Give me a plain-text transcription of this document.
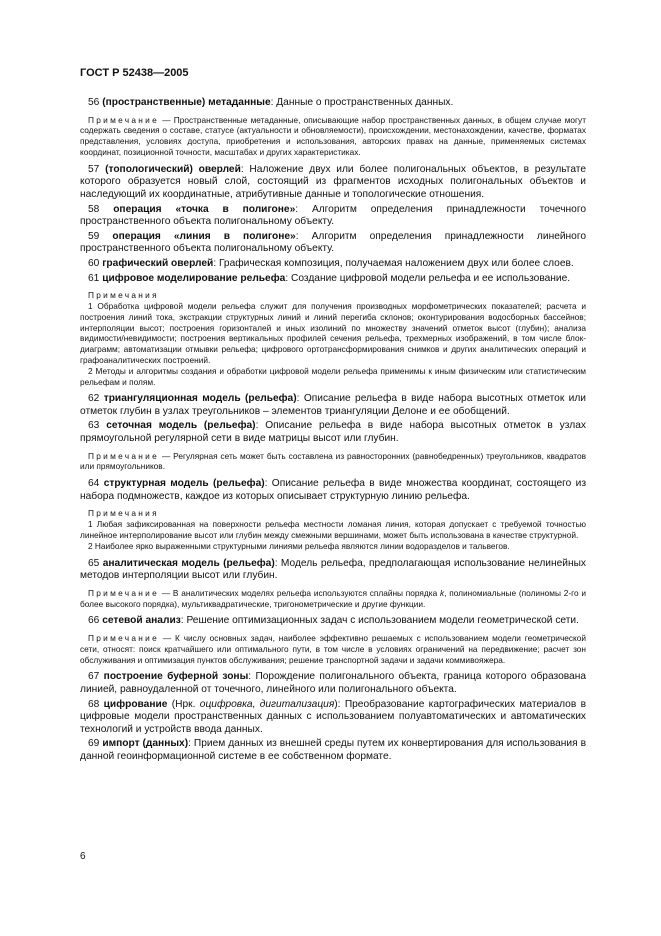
ГОСТ Р 52438—2005

56 (пространственные) метаданные: Данные о пространственных данных.

Примечание — Пространственные метаданные, описывающие набор пространственных данных, в общем случае могут содержать сведения о составе, статусе (актуальности и обновляемости), происхождении, местонахождении, качестве, форматах представления, условиях доступа, приобретения и использования, авторских правах на данные, применяемых системах координат, позиционной точности, масштабах и других характеристиках.

57 (топологический) оверлей: Наложение двух или более полигональных объектов, в результате которого образуется новый слой, состоящий из фрагментов исходных полигональных объектов и наследующий их координатные, атрибутивные данные и топологические отношения.

58 операция «точка в полигоне»: Алгоритм определения принадлежности точечного пространственного объекта полигональному объекту.

59 операция «линия в полигоне»: Алгоритм определения принадлежности линейного пространственного объекта полигональному объекту.

60 графический оверлей: Графическая композиция, получаемая наложением двух или более слоев.

61 цифровое моделирование рельефа: Создание цифровой модели рельефа и ее использование.

Примечания

1 Обработка цифровой модели рельефа служит для получения производных морфометрических показателей; расчета и построения линий тока, экстракции структурных линий и линий перегиба склонов; оконтурирования водосборных бассейнов; интерполяции высот; построения горизонталей и иных изолиний по множеству значений отметок высот (глубин); анализа видимости/невидимости; построения вертикальных профилей сечения рельефа, трехмерных изображений, в том числе блок-диаграмм; автоматизации отмывки рельефа; цифрового ортотрансформирования снимков и других аналитических операций и графоаналитических построений.

2 Методы и алгоритмы создания и обработки цифровой модели рельефа применимы к иным физическим или статистическим рельефам и полям.

62 триангуляционная модель (рельефа): Описание рельефа в виде набора высотных отметок или отметок глубин в узлах треугольников – элементов триангуляции Делоне и ее обобщений.

63 сеточная модель (рельефа): Описание рельефа в виде набора высотных отметок в узлах прямоугольной регулярной сети в виде матрицы высот или глубин.

Примечание — Регулярная сеть может быть составлена из равносторонних (равнобедренных) треугольников, квадратов или прямоугольников.

64 структурная модель (рельефа): Описание рельефа в виде множества координат, состоящего из набора подмножеств, каждое из которых описывает структурную линию рельефа.

Примечания

1 Любая зафиксированная на поверхности рельефа местности ломаная линия, которая допускает с требуемой точностью линейное интерполирование высот или глубин между смежными вершинами, может быть использована в качестве структурной.

2 Наиболее ярко выраженными структурными линиями рельефа являются линии водоразделов и тальвегов.

65 аналитическая модель (рельефа): Модель рельефа, предполагающая использование нелинейных методов интерполяции высот или глубин.

Примечание — В аналитических моделях рельефа используются сплайны порядка k, полиномиальные (полиномы 2-го и более высокого порядка), мультиквадратические, тригонометрические и другие функции.

66 сетевой анализ: Решение оптимизационных задач с использованием модели геометрической сети.

Примечание — К числу основных задач, наиболее эффективно решаемых с использованием модели геометрической сети, относят: поиск кратчайшего или оптимального пути, в том числе в условиях ограничений на передвижение; расчет зон обслуживания и оптимизация пунктов обслуживания; решение транспортной задачи и задачи коммивояжера.

67 построение буферной зоны: Порождение полигонального объекта, граница которого образована линией, равноудаленной от точечного, линейного или полигонального объекта.

68 цифрование (Нрк. оцифровка, дигитализация): Преобразование картографических материалов в цифровые модели пространственных данных с использованием полуавтоматических и автоматических технологий и устройств ввода данных.

69 импорт (данных): Прием данных из внешней среды путем их конвертирования для использования в данной геоинформационной системе в ее собственном формате.

6
